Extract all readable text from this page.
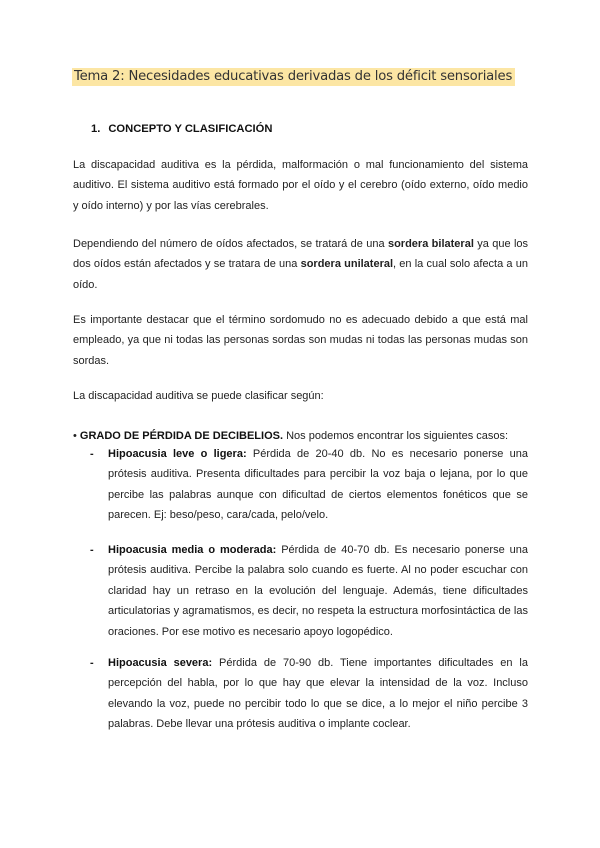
Tema 2: Necesidades educativas derivadas de los déficit sensoriales
1. CONCEPTO Y CLASIFICACIÓN

La discapacidad auditiva es la pérdida, malformación o mal funcionamiento del sistema auditivo. El sistema auditivo está formado por el oído y el cerebro (oído externo, oído medio y oído interno) y por las vías cerebrales.

Dependiendo del número de oídos afectados, se tratará de una sordera bilateral ya que los dos oídos están afectados y se tratara de una sordera unilateral, en la cual solo afecta a un oído.

Es importante destacar que el término sordomudo no es adecuado debido a que está mal empleado, ya que ni todas las personas sordas son mudas ni todas las personas mudas son sordas.

La discapacidad auditiva se puede clasificar según:

• GRADO DE PÉRDIDA DE DECIBELIOS. Nos podemos encontrar los siguientes casos:
- Hipoacusia leve o ligera: Pérdida de 20-40 db. No es necesario ponerse una prótesis auditiva. Presenta dificultades para percibir la voz baja o lejana, por lo que percibe las palabras aunque con dificultad de ciertos elementos fonéticos que se parecen. Ej: beso/peso, cara/cada, pelo/velo.
- Hipoacusia media o moderada: Pérdida de 40-70 db. Es necesario ponerse una prótesis auditiva. Percibe la palabra solo cuando es fuerte. Al no poder escuchar con claridad hay un retraso en la evolución del lenguaje. Además, tiene dificultades articulatorias y agramatismos, es decir, no respeta la estructura morfosintáctica de las oraciones. Por ese motivo es necesario apoyo logopédico.
- Hipoacusia severa: Pérdida de 70-90 db. Tiene importantes dificultades en la percepción del habla, por lo que hay que elevar la intensidad de la voz. Incluso elevando la voz, puede no percibir todo lo que se dice, a lo mejor el niño percibe 3 palabras. Debe llevar una prótesis auditiva o implante coclear.
